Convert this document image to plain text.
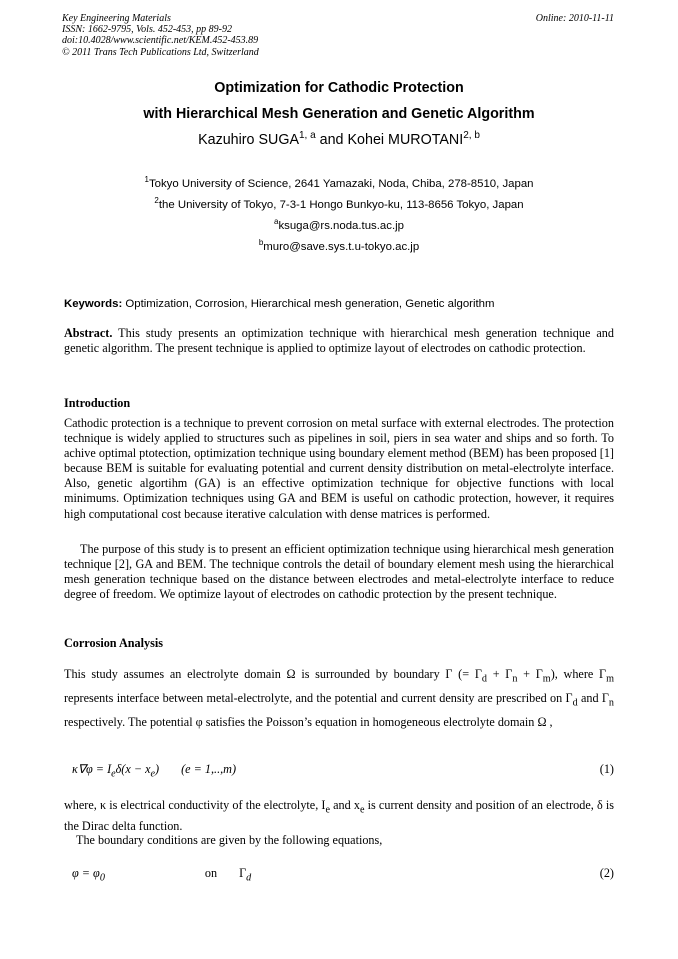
Key Engineering Materials
ISSN: 1662-9795, Vols. 452-453, pp 89-92
doi:10.4028/www.scientific.net/KEM.452-453.89
© 2011 Trans Tech Publications Ltd, Switzerland
Online: 2010-11-11
Optimization for Cathodic Protection
with Hierarchical Mesh Generation and Genetic Algorithm
Kazuhiro SUGA$^{1, a}$ and Kohei MUROTANI$^{2, b}$
$^1$Tokyo University of Science, 2641 Yamazaki, Noda, Chiba, 278-8510, Japan
$^2$the University of Tokyo, 7-3-1 Hongo Bunkyo-ku, 113-8656 Tokyo, Japan
$^a$ksuga@rs.noda.tus.ac.jp
$^b$muro@save.sys.t.u-tokyo.ac.jp
Keywords: Optimization, Corrosion, Hierarchical mesh generation, Genetic algorithm
Abstract. This study presents an optimization technique with hierarchical mesh generation technique and genetic algorithm. The present technique is applied to optimize layout of electrodes on cathodic protection.
Introduction
Cathodic protection is a technique to prevent corrosion on metal surface with external electrodes. The protection technique is widely applied to structures such as pipelines in soil, piers in sea water and ships and so forth. To achive optimal ptotection, optimization technique using boundary element method (BEM) has been proposed [1] because BEM is suitable for evaluating potential and current density distribution on metal-electrolyte interface. Also, genetic algortihm (GA) is an effective optimization technique for objective functions with local minimums. Optimization techniques using GA and BEM is useful on cathodic protection, however, it requires high computational cost because iterative calculation with dense matrices is performed.
The purpose of this study is to present an efficient optimization technique using hierarchical mesh generation technique [2], GA and BEM. The technique controls the detail of boundary element mesh using the hierarchical mesh generation technique based on the distance between electrodes and metal-electrolyte interface to reduce degree of freedom. We optimize layout of electrodes on cathodic protection by the present technique.
Corrosion Analysis
This study assumes an electrolyte domain Ω is surrounded by boundary Γ (= $\Gamma_d + \Gamma_n + \Gamma_m$), where $\Gamma_m$ represents interface between metal-electrolyte, and the potential and current density are prescribed on $\Gamma_d$ and $\Gamma_n$ respectively. The potential φ satisfies the Poisson’s equation in homogeneous electrolyte domain Ω ,
$\kappa\nabla\varphi = I_e\delta(x - x_e) (e = 1,..,m)$	(1)
where, κ is electrical conductivity of the electrolyte, $I_e$ and $x_e$ is current density and position of an electrode, δ is the Dirac delta function.
The boundary conditions are given by the following equations,
$\varphi = \varphi_0$	on $\Gamma_d$	(2)
